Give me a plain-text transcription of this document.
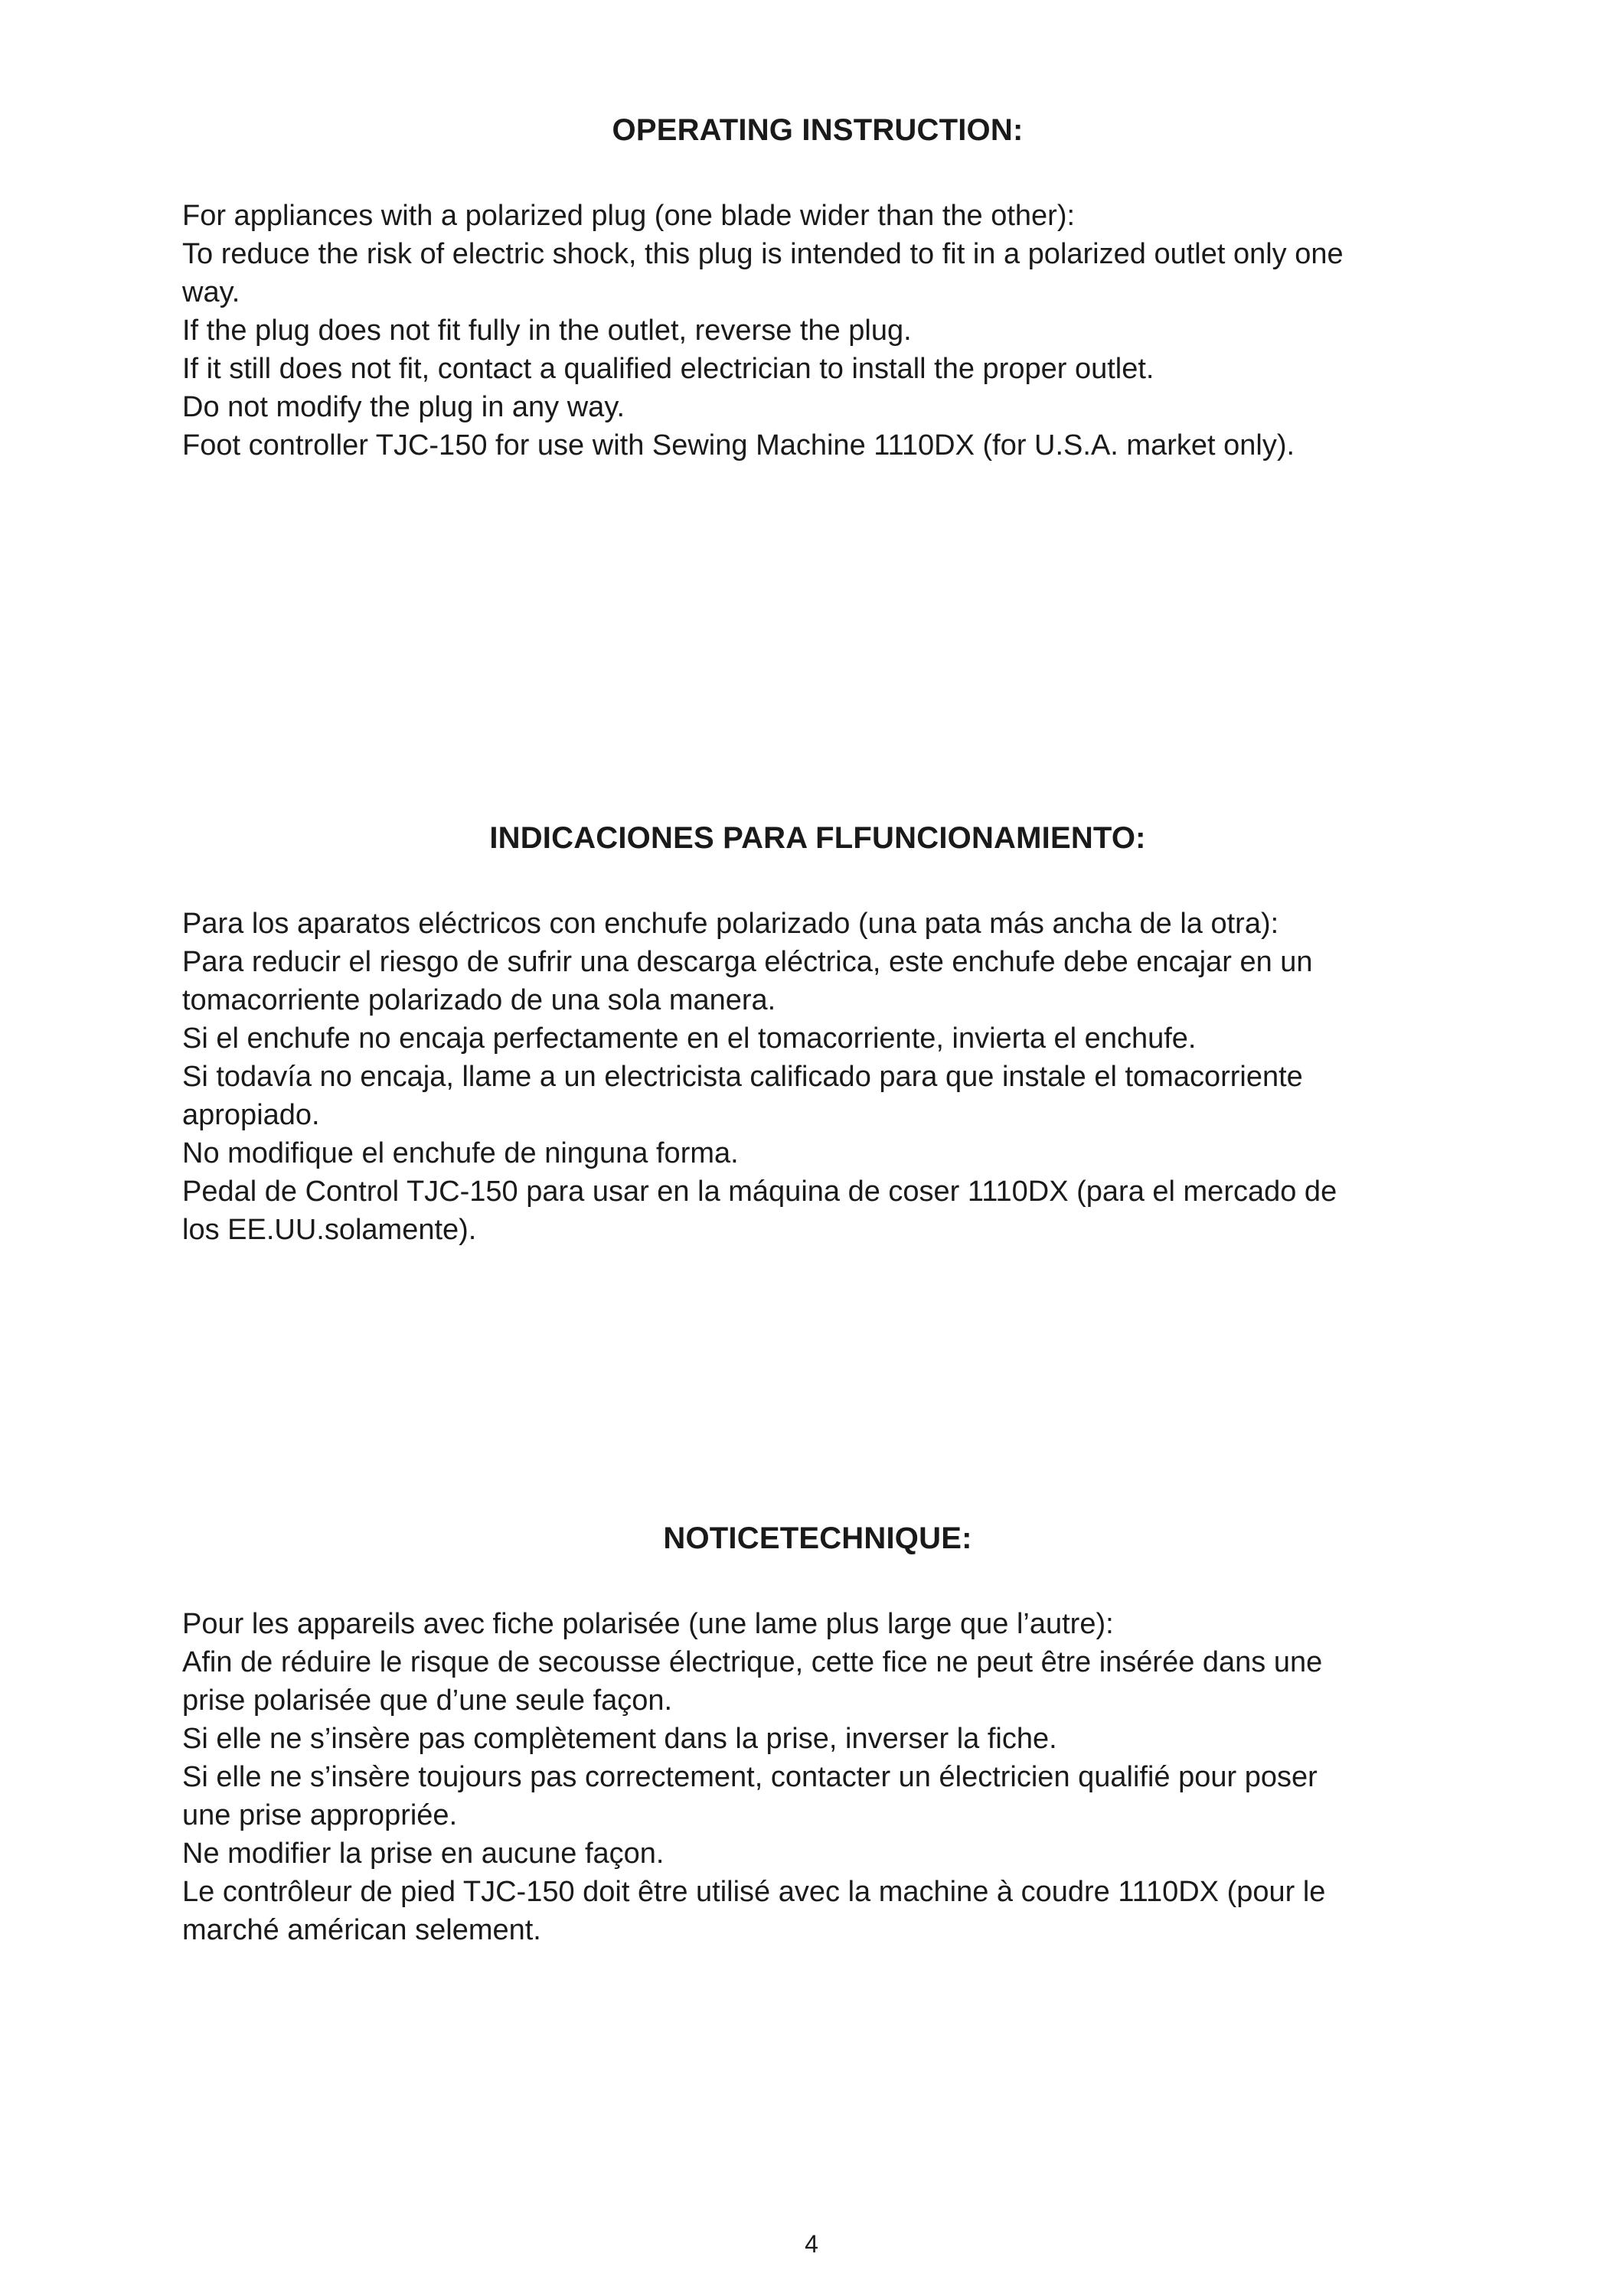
OPERATING INSTRUCTION:
For appliances with a polarized plug (one blade wider than the other):
To reduce the risk of electric shock, this plug is intended to fit in a polarized outlet only one
way.
If the plug does not fit fully in the outlet, reverse the plug.
If it still does not fit, contact a qualified electrician to install the proper outlet.
Do not modify the plug in any way.
Foot controller TJC-150 for use with Sewing Machine 1110DX (for U.S.A. market only).
INDICACIONES PARA FLFUNCIONAMIENTO:
Para los aparatos eléctricos con enchufe polarizado (una pata más ancha de la otra):
Para reducir el riesgo de sufrir una descarga eléctrica, este enchufe debe encajar en un
tomacorriente polarizado de una sola manera.
Si el enchufe no encaja perfectamente en el tomacorriente, invierta el enchufe.
Si todavía no encaja, llame a un electricista calificado para que instale el tomacorriente
apropiado.
No modifique el enchufe de ninguna forma.
Pedal de Control TJC-150 para usar en la máquina de coser 1110DX (para el mercado de
los EE.UU.solamente).
NOTICETECHNIQUE:
Pour les appareils avec fiche polarisée (une lame plus large que l’autre):
Afin de réduire le risque de secousse électrique, cette fice ne peut être insérée dans une
prise polarisée que d’une seule façon.
Si elle ne s’insère pas complètement dans la prise, inverser la fiche.
Si elle ne s’insère toujours pas correctement, contacter un électricien qualifié pour poser
une prise appropriée.
Ne modifier la prise en aucune façon.
Le contrôleur de pied TJC-150 doit être utilisé avec la machine à coudre 1110DX (pour le
marché américan selement.
4
